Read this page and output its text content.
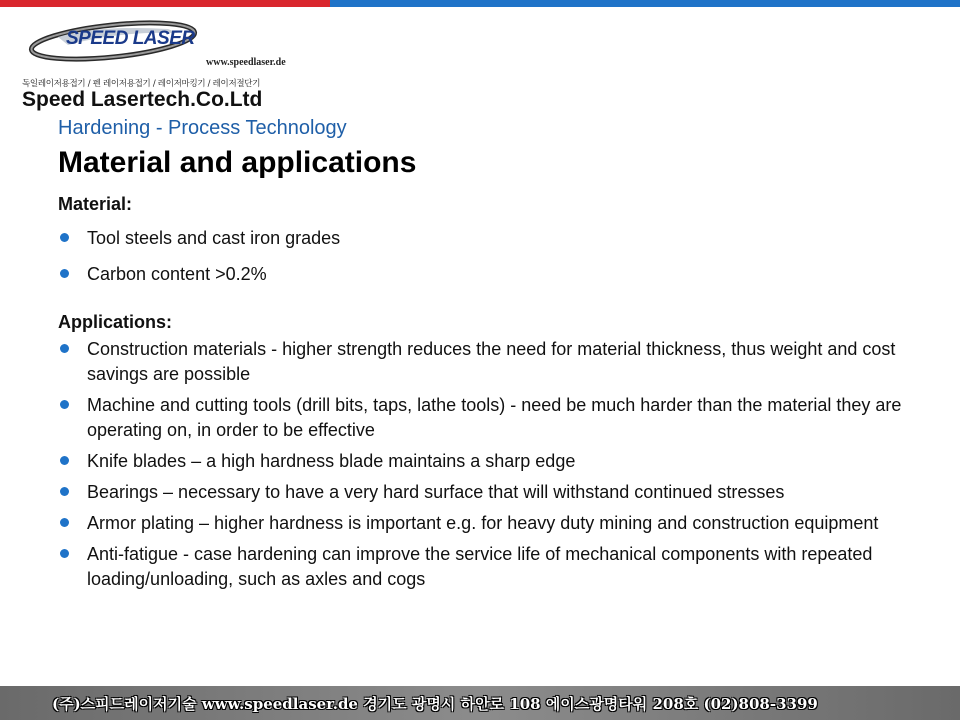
SPEED LASER
www.speedlaser.de
독일레이저용접기 / 펜 레이저용접기 / 레이저마킹기 / 레이저절단기
Speed Lasertech.Co.Ltd
Hardening - Process Technology
Material and applications

Material:

Tool steels and cast iron grades
Carbon content >0.2%

Applications:

Construction materials - higher strength reduces the need for material thickness, thus weight and cost savings are possible
Machine and cutting tools (drill bits, taps, lathe tools) - need be much harder than the material they are operating on, in order to be effective
Knife blades – a high hardness blade maintains a sharp edge
Bearings – necessary to have a very hard surface that will withstand continued stresses
Armor plating – higher hardness is important e.g. for heavy duty mining and construction equipment
Anti-fatigue - case hardening can improve the service life of mechanical components with repeated loading/unloading, such as axles and cogs
(주)스피드레이저기술 www.speedlaser.de 경기도 광명시 하안로 108 에이스광명타워 208호 (02)808-3399
